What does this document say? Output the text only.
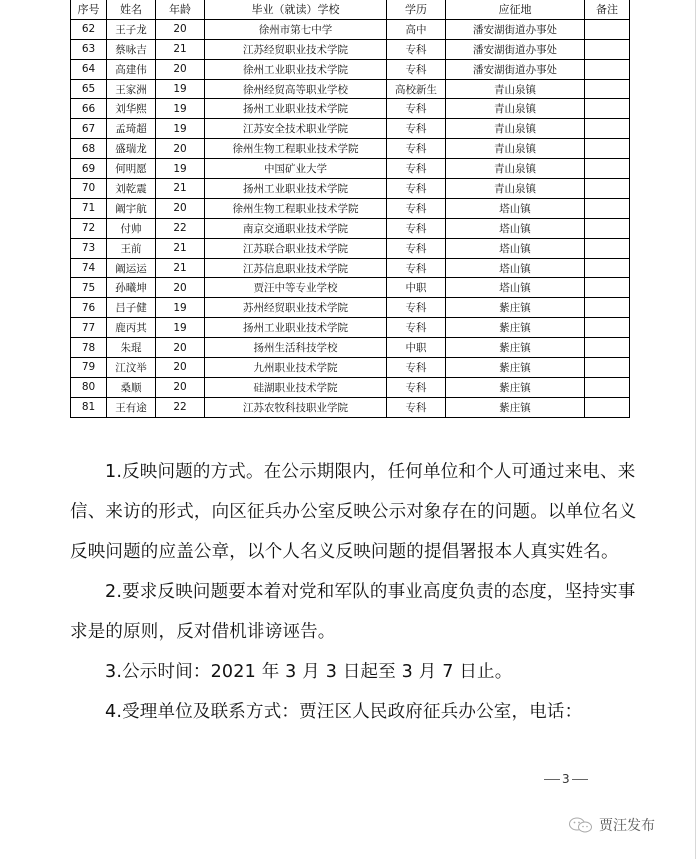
序号	姓名	年龄	毕业（就读）学校	学历	应征地	备注
62	王子龙	20	徐州市第七中学	高中	潘安湖街道办事处	
63	蔡咏吉	21	江苏经贸职业技术学院	专科	潘安湖街道办事处	
64	高建伟	20	徐州工业职业技术学院	专科	潘安湖街道办事处	
65	王家洲	19	徐州经贸高等职业学校	高校新生	青山泉镇	
66	刘华熙	19	扬州工业职业技术学院	专科	青山泉镇	
67	孟琦超	19	江苏安全技术职业学院	专科	青山泉镇	
68	盛瑞龙	20	徐州生物工程职业技术学院	专科	青山泉镇	
69	何明愿	19	中国矿业大学	专科	青山泉镇	
70	刘乾震	21	扬州工业职业技术学院	专科	青山泉镇	
71	阚宇航	20	徐州生物工程职业技术学院	专科	塔山镇	
72	付帅	22	南京交通职业技术学院	专科	塔山镇	
73	王前	21	江苏联合职业技术学院	专科	塔山镇	
74	阚运运	21	江苏信息职业技术学院	专科	塔山镇	
75	孙曦坤	20	贾汪中等专业学校	中职	塔山镇	
76	吕子健	19	苏州经贸职业技术学院	专科	紫庄镇	
77	鹿丙其	19	扬州工业职业技术学院	专科	紫庄镇	
78	朱琨	20	扬州生活科技学校	中职	紫庄镇	
79	江汶举	20	九州职业技术学院	专科	紫庄镇	
80	桑顺	20	硅湖职业技术学院	专科	紫庄镇	
81	王有途	22	江苏农牧科技职业学院	专科	紫庄镇	

1.反映问题的方式。在公示期限内，任何单位和个人可通过来电、来信、来访的形式，向区征兵办公室反映公示对象存在的问题。以单位名义反映问题的应盖公章，以个人名义反映问题的提倡署报本人真实姓名。

2.要求反映问题要本着对党和军队的事业高度负责的态度，坚持实事求是的原则，反对借机诽谤诬告。

3.公示时间：2021 年 3 月 3 日起至 3 月 7 日止。

4.受理单位及联系方式：贾汪区人民政府征兵办公室，电话：

3
贾汪发布
